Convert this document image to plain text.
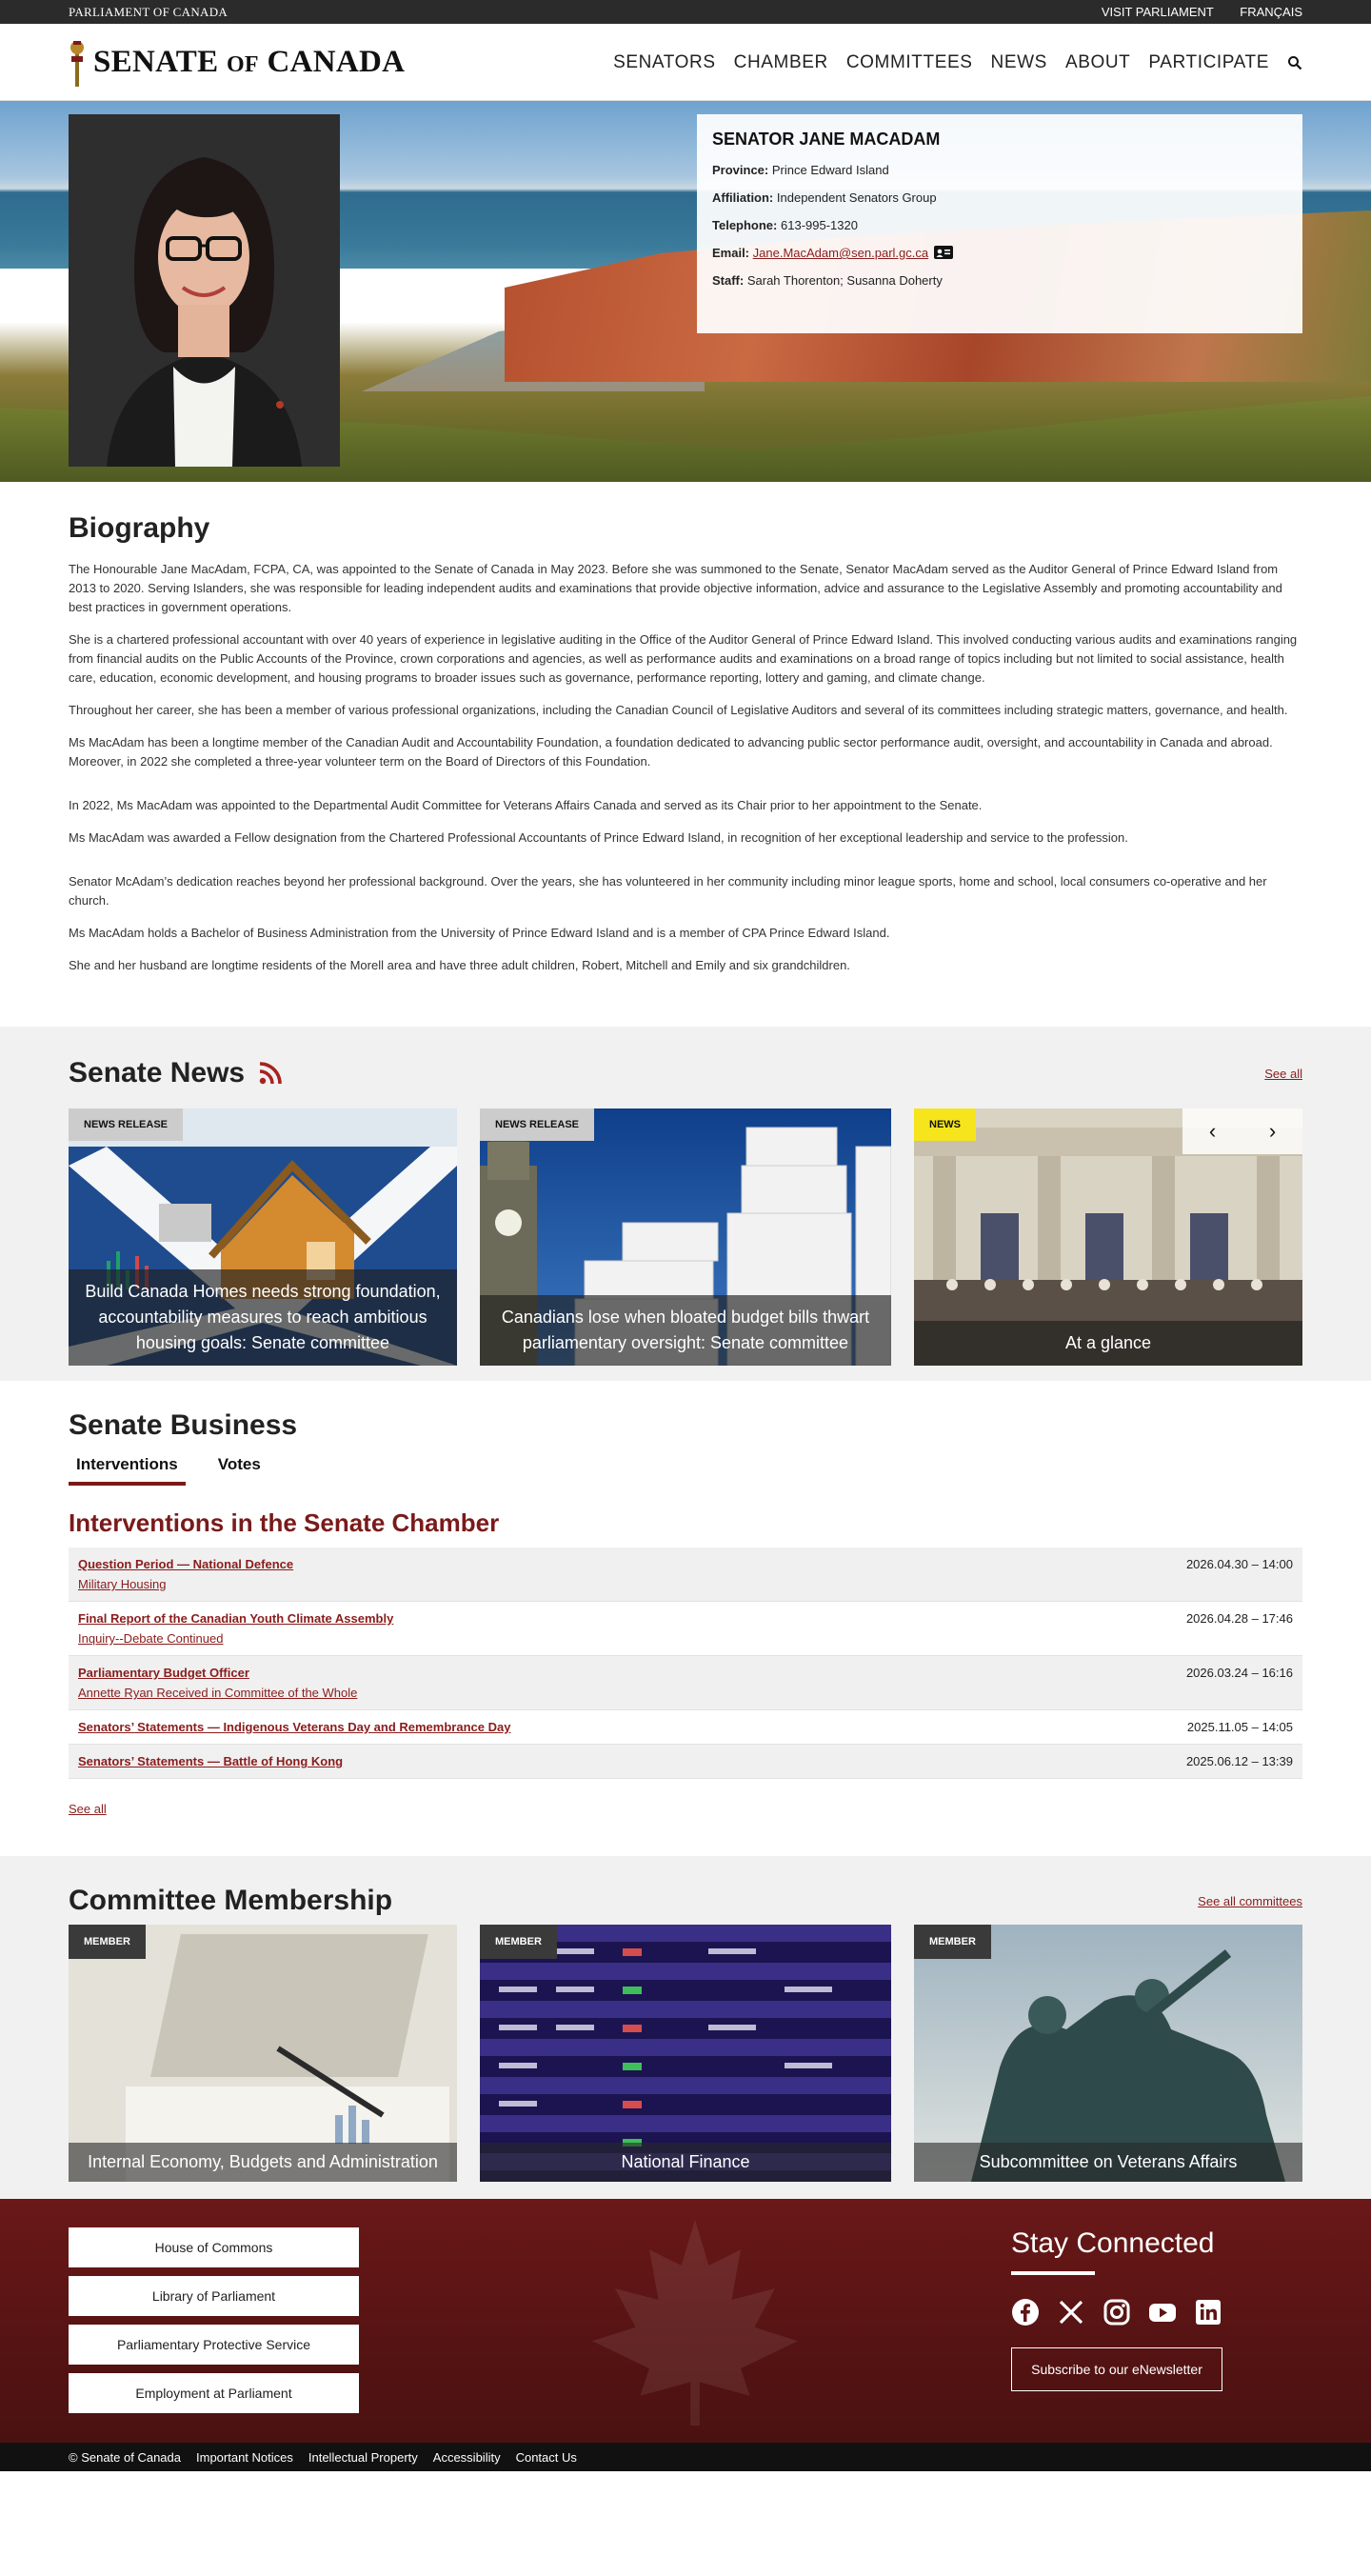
PARLIAMENT OF CANADA	VISIT PARLIAMENT FRANÇAIS
SENATE OF CANADA	SENATORS CHAMBER COMMITTEES NEWS ABOUT PARTICIPATE
SENATOR JANE MACADAM
Province: Prince Edward Island
Affiliation: Independent Senators Group
Telephone: 613-995-1320
Email: Jane.MacAdam@sen.parl.gc.ca
Staff: Sarah Thorenton; Susanna Doherty
Biography

The Honourable Jane MacAdam, FCPA, CA, was appointed to the Senate of Canada in May 2023. Before she was summoned to the Senate, Senator MacAdam served as the Auditor General of Prince Edward Island from 2013 to 2020. Serving Islanders, she was responsible for leading independent audits and examinations that provide objective information, advice and assurance to the Legislative Assembly and promoting accountability and best practices in government operations.

She is a chartered professional accountant with over 40 years of experience in legislative auditing in the Office of the Auditor General of Prince Edward Island. This involved conducting various audits and examinations ranging from financial audits on the Public Accounts of the Province, crown corporations and agencies, as well as performance audits and examinations on a broad range of topics including but not limited to social assistance, health care, education, economic development, and housing programs to broader issues such as governance, performance reporting, lottery and gaming, and climate change.

Throughout her career, she has been a member of various professional organizations, including the Canadian Council of Legislative Auditors and several of its committees including strategic matters, governance, and health.

Ms MacAdam has been a longtime member of the Canadian Audit and Accountability Foundation, a foundation dedicated to advancing public sector performance audit, oversight, and accountability in Canada and abroad. Moreover, in 2022 she completed a three-year volunteer term on the Board of Directors of this Foundation.

In 2022, Ms MacAdam was appointed to the Departmental Audit Committee for Veterans Affairs Canada and served as its Chair prior to her appointment to the Senate.

Ms MacAdam was awarded a Fellow designation from the Chartered Professional Accountants of Prince Edward Island, in recognition of her exceptional leadership and service to the profession.

Senator McAdam’s dedication reaches beyond her professional background. Over the years, she has volunteered in her community including minor league sports, home and school, local consumers co-operative and her church.

Ms MacAdam holds a Bachelor of Business Administration from the University of Prince Edward Island and is a member of CPA Prince Edward Island.

She and her husband are longtime residents of the Morell area and have three adult children, Robert, Mitchell and Emily and six grandchildren.

Senate News	See all
NEWS RELEASE
Build Canada Homes needs strong foundation, accountability measures to reach ambitious housing goals: Senate committee
NEWS RELEASE
Canadians lose when bloated budget bills thwart parliamentary oversight: Senate committee
NEWS
At a glance
‹	›
Senate Business
Interventions	Votes
Interventions in the Senate Chamber
Question Period — National Defence
Military Housing
2026.04.30 – 14:00
Final Report of the Canadian Youth Climate Assembly
Inquiry--Debate Continued
2026.04.28 – 17:46
Parliamentary Budget Officer
Annette Ryan Received in Committee of the Whole
2026.03.24 – 16:16
Senators’ Statements — Indigenous Veterans Day and Remembrance Day	2025.11.05 – 14:05
Senators’ Statements — Battle of Hong Kong	2025.06.12 – 13:39
See all
Committee Membership	See all committees
MEMBER
Internal Economy, Budgets and Administration
MEMBER
National Finance
MEMBER
Subcommittee on Veterans Affairs
House of Commons
Library of Parliament
Parliamentary Protective Service
Employment at Parliament
Stay Connected
Subscribe to our eNewsletter
© Senate of Canada Important Notices Intellectual Property Accessibility Contact Us
